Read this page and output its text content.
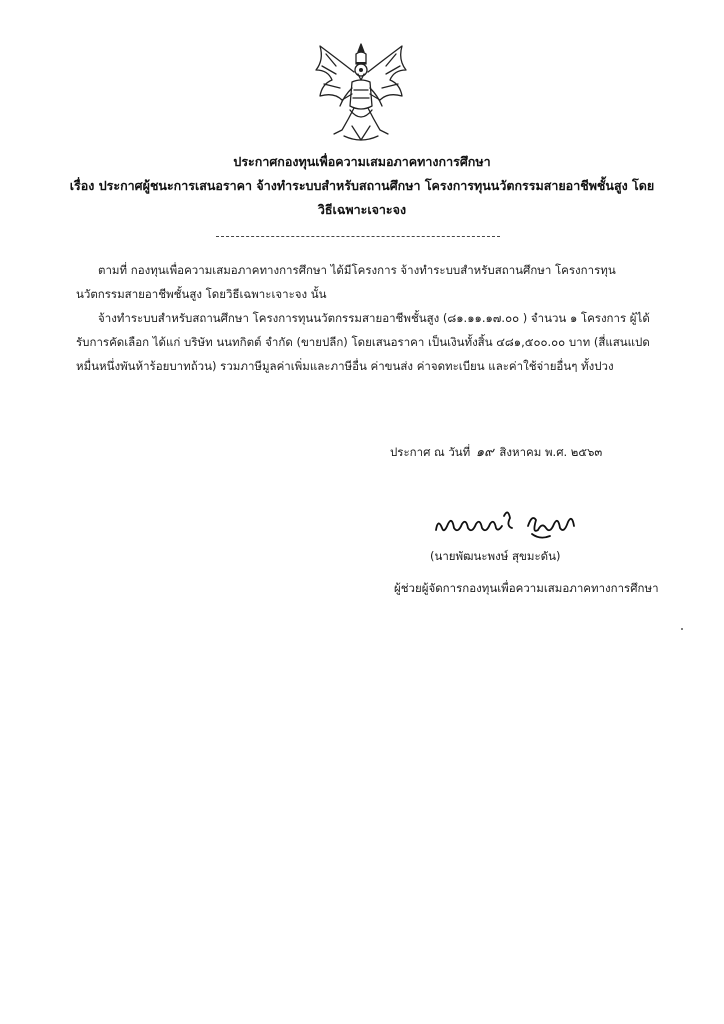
ประกาศกองทุนเพื่อความเสมอภาคทางการศึกษา
เรื่อง ประกาศผู้ชนะการเสนอราคา จ้างทำระบบสำหรับสถานศึกษา โครงการทุนนวัตกรรมสายอาชีพชั้นสูง โดย
วิธีเฉพาะเจาะจง
ตามที่ กองทุนเพื่อความเสมอภาคทางการศึกษา ได้มีโครงการ จ้างทำระบบสำหรับสถานศึกษา โครงการทุนนวัตกรรมสายอาชีพชั้นสูง โดยวิธีเฉพาะเจาะจง นั้น
จ้างทำระบบสำหรับสถานศึกษา โครงการทุนนวัตกรรมสายอาชีพชั้นสูง (๘๑.๑๑.๑๗.๐๐ ) จำนวน ๑ โครงการ ผู้ได้รับการคัดเลือก ได้แก่ บริษัท นนทกิตต์ จำกัด (ขายปลีก) โดยเสนอราคา เป็นเงินทั้งสิ้น ๔๘๑,๕๐๐.๐๐ บาท (สี่แสนแปดหมื่นหนึ่งพันห้าร้อยบาทถ้วน) รวมภาษีมูลค่าเพิ่มและภาษีอื่น ค่าขนส่ง ค่าจดทะเบียน และค่าใช้จ่ายอื่นๆ ทั้งปวง
ประกาศ ณ วันที่ ๑๙ สิงหาคม พ.ศ. ๒๕๖๓
(นายพัฒนะพงษ์ สุขมะดัน)
ผู้ช่วยผู้จัดการกองทุนเพื่อความเสมอภาคทางการศึกษา
